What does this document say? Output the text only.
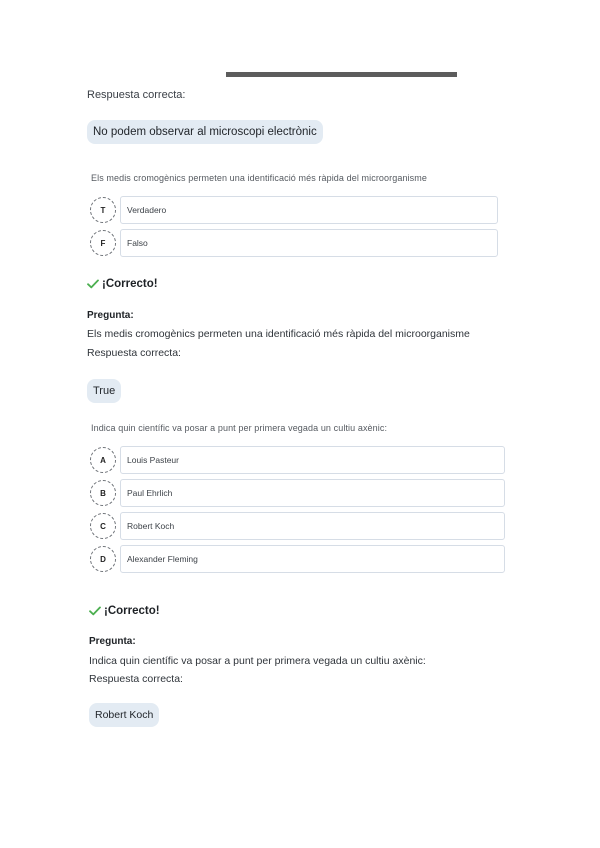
Respuesta correcta:
No podem observar al microscopi electrònic
Els medis cromogènics permeten una identificació més ràpida del microorganisme
T	Verdadero
F	Falso
¡Correcto!
Pregunta:
Els medis cromogènics permeten una identificació més ràpida del microorganisme
Respuesta correcta:
True
Indica quin científic va posar a punt per primera vegada un cultiu axènic:
A	Louis Pasteur
B	Paul Ehrlich
C	Robert Koch
D	Alexander Fleming
¡Correcto!
Pregunta:
Indica quin científic va posar a punt per primera vegada un cultiu axènic:
Respuesta correcta:
Robert Koch
